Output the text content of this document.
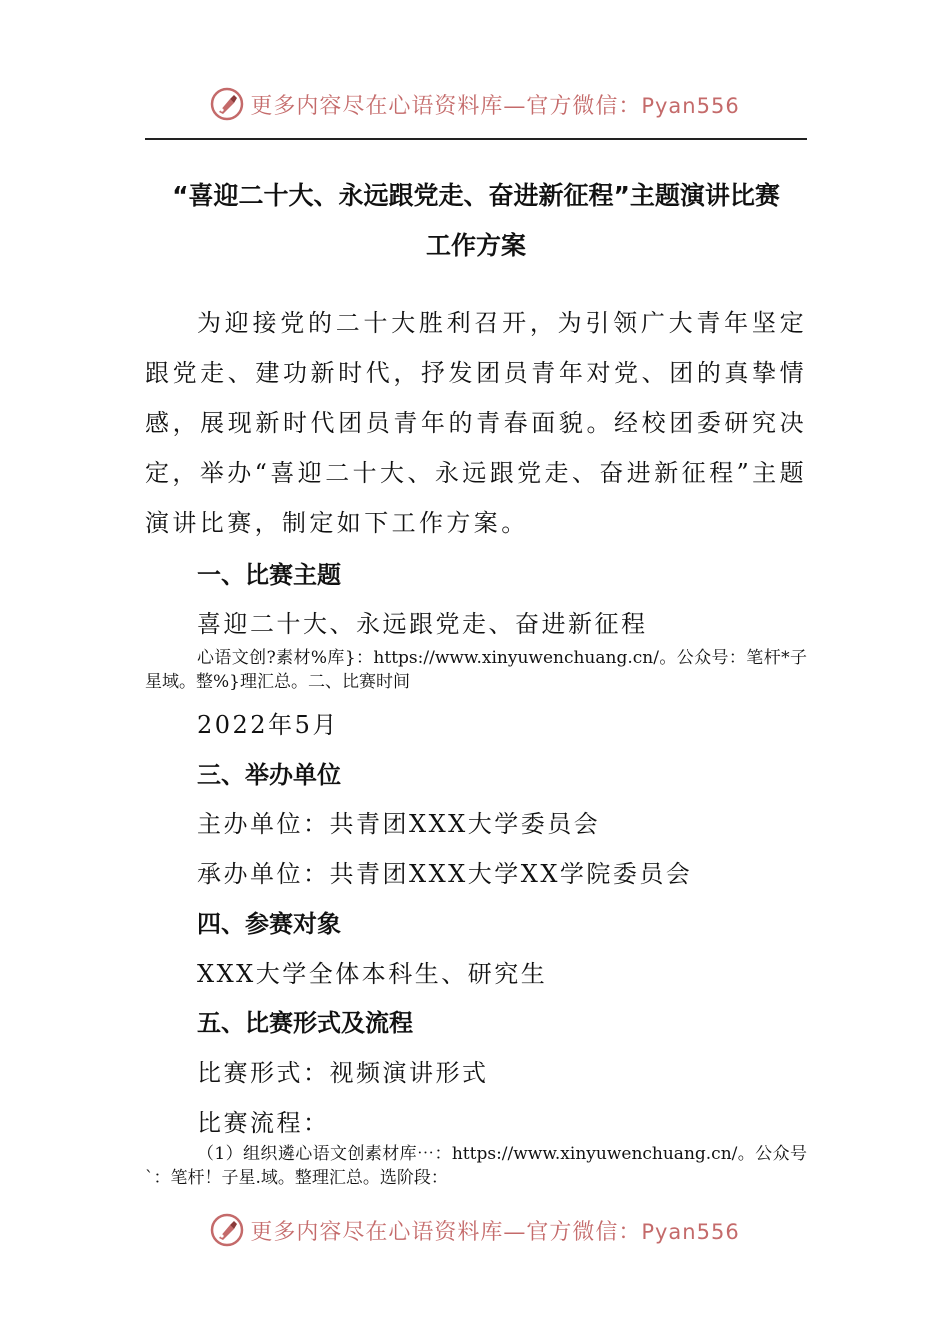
更多内容尽在心语资料库—官方微信：Pyan556
“喜迎二十大、永远跟党走、奋进新征程”主题演讲比赛
工作方案
为迎接党的二十大胜利召开，为引领广大青年坚定跟党走、建功新时代，抒发团员青年对党、团的真挚情感，展现新时代团员青年的青春面貌。经校团委研究决定，举办“喜迎二十大、永远跟党走、奋进新征程”主题演讲比赛，制定如下工作方案。
一、比赛主题
喜迎二十大、永远跟党走、奋进新征程
心语文创?素材%库}：https://www.xinyuwenchuang.cn/。公众号：笔杆*子星域。整%}理汇总。二、比赛时间
2022年5月
三、举办单位
主办单位：共青团XXX大学委员会
承办单位：共青团XXX大学XX学院委员会
四、参赛对象
XXX大学全体本科生、研究生
五、比赛形式及流程
比赛形式：视频演讲形式
比赛流程：
（1）组织遴心语文创素材库⋯：https://www.xinyuwenchuang.cn/。公众号`：笔杆！子星.域。整理汇总。选阶段：
更多内容尽在心语资料库—官方微信：Pyan556
